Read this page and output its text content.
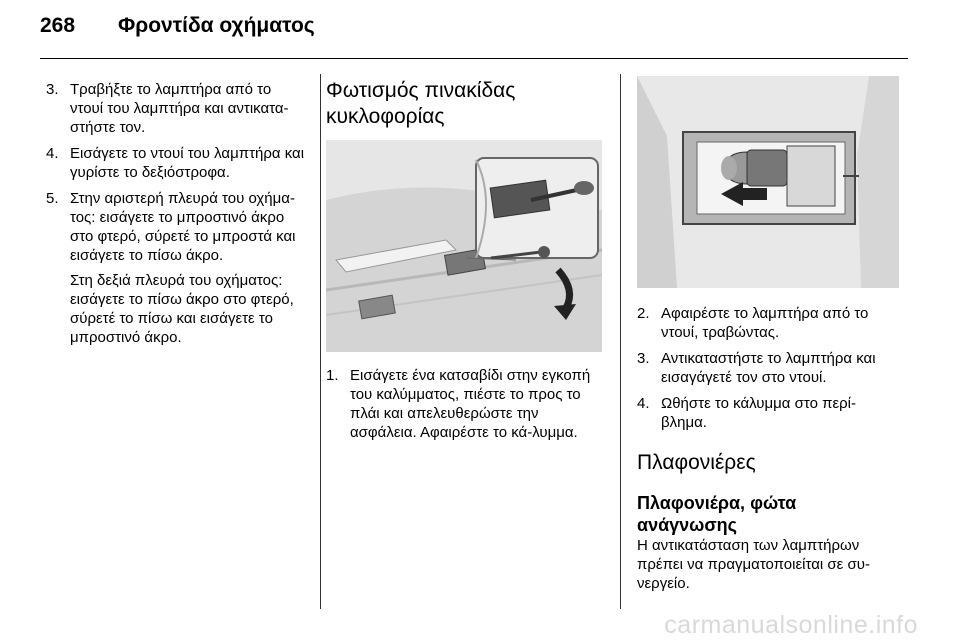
268 Φροντίδα οχήματος
3. Τραβήξτε το λαμπτήρα από το ντουί του λαμπτήρα και αντικατα-στήστε τον.
4. Εισάγετε το ντουί του λαμπτήρα και γυρίστε το δεξιόστροφα.
5. Στην αριστερή πλευρά του οχήμα-τος: εισάγετε το μπροστινό άκρο στο φτερό, σύρετέ το μπροστά και εισάγετε το πίσω άκρο.

Στη δεξιά πλευρά του οχήματος: εισάγετε το πίσω άκρο στο φτερό, σύρετέ το πίσω και εισάγετε το μπροστινό άκρο.

Φωτισμός πινακίδας κυκλοφορίας
1. Εισάγετε ένα κατσαβίδι στην εγκοπή του καλύμματος, πιέστε το προς το πλάι και απελευθερώστε την ασφάλεια. Αφαιρέστε το κά-λυμμα.
2. Αφαιρέστε το λαμπτήρα από το ντουί, τραβώντας.
3. Αντικαταστήστε το λαμπτήρα και εισαγάγετέ τον στο ντουί.
4. Ωθήστε το κάλυμμα στο περί-βλημα.
Πλαφονιέρες
Πλαφονιέρα, φώτα ανάγνωσης

Η αντικατάσταση των λαμπτήρων πρέπει να πραγματοποιείται σε συ-νεργείο.

carmanualsonline.info
